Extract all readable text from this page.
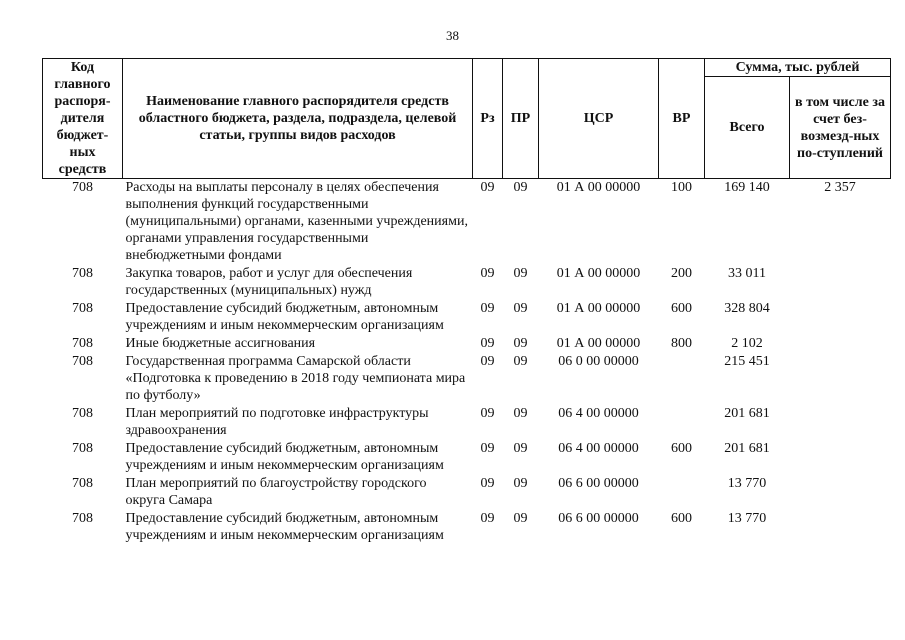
38
Код главного распоря-дителя бюджет-ных средств	Наименование главного распорядителя средств областного бюджета, раздела, подраздела, целевой статьи, группы видов расходов	Рз	ПР	ЦСР	ВР	Сумма, тыс. рублей	
						Всего	в том числе за счет без-возмезд-ных по-ступлений
708	Расходы на выплаты персоналу в целях обеспечения выполнения функций государственными (муниципальными) органами, казенными учреждениями, органами управления государственными внебюджетными фондами	09	09	01 А 00 00000	100	169 140	2 357
708	Закупка товаров, работ и услуг для обеспечения государственных (муниципальных) нужд	09	09	01 А 00 00000	200	33 011	
708	Предоставление субсидий бюджетным, автономным учреждениям и иным некоммерческим организациям	09	09	01 А 00 00000	600	328 804	
708	Иные бюджетные ассигнования	09	09	01 А 00 00000	800	2 102	
708	Государственная программа Самарской области «Подготовка к проведению в 2018 году чемпионата мира по футболу»	09	09	06 0 00 00000		215 451	
708	План мероприятий по подготовке инфраструктуры здравоохранения	09	09	06 4 00 00000		201 681	
708	Предоставление субсидий бюджетным, автономным учреждениям и иным некоммерческим организациям	09	09	06 4 00 00000	600	201 681	
708	План мероприятий по благоустройству городского округа Самара	09	09	06 6 00 00000		13 770	
708	Предоставление субсидий бюджетным, автономным учреждениям и иным некоммерческим организациям	09	09	06 6 00 00000	600	13 770	
